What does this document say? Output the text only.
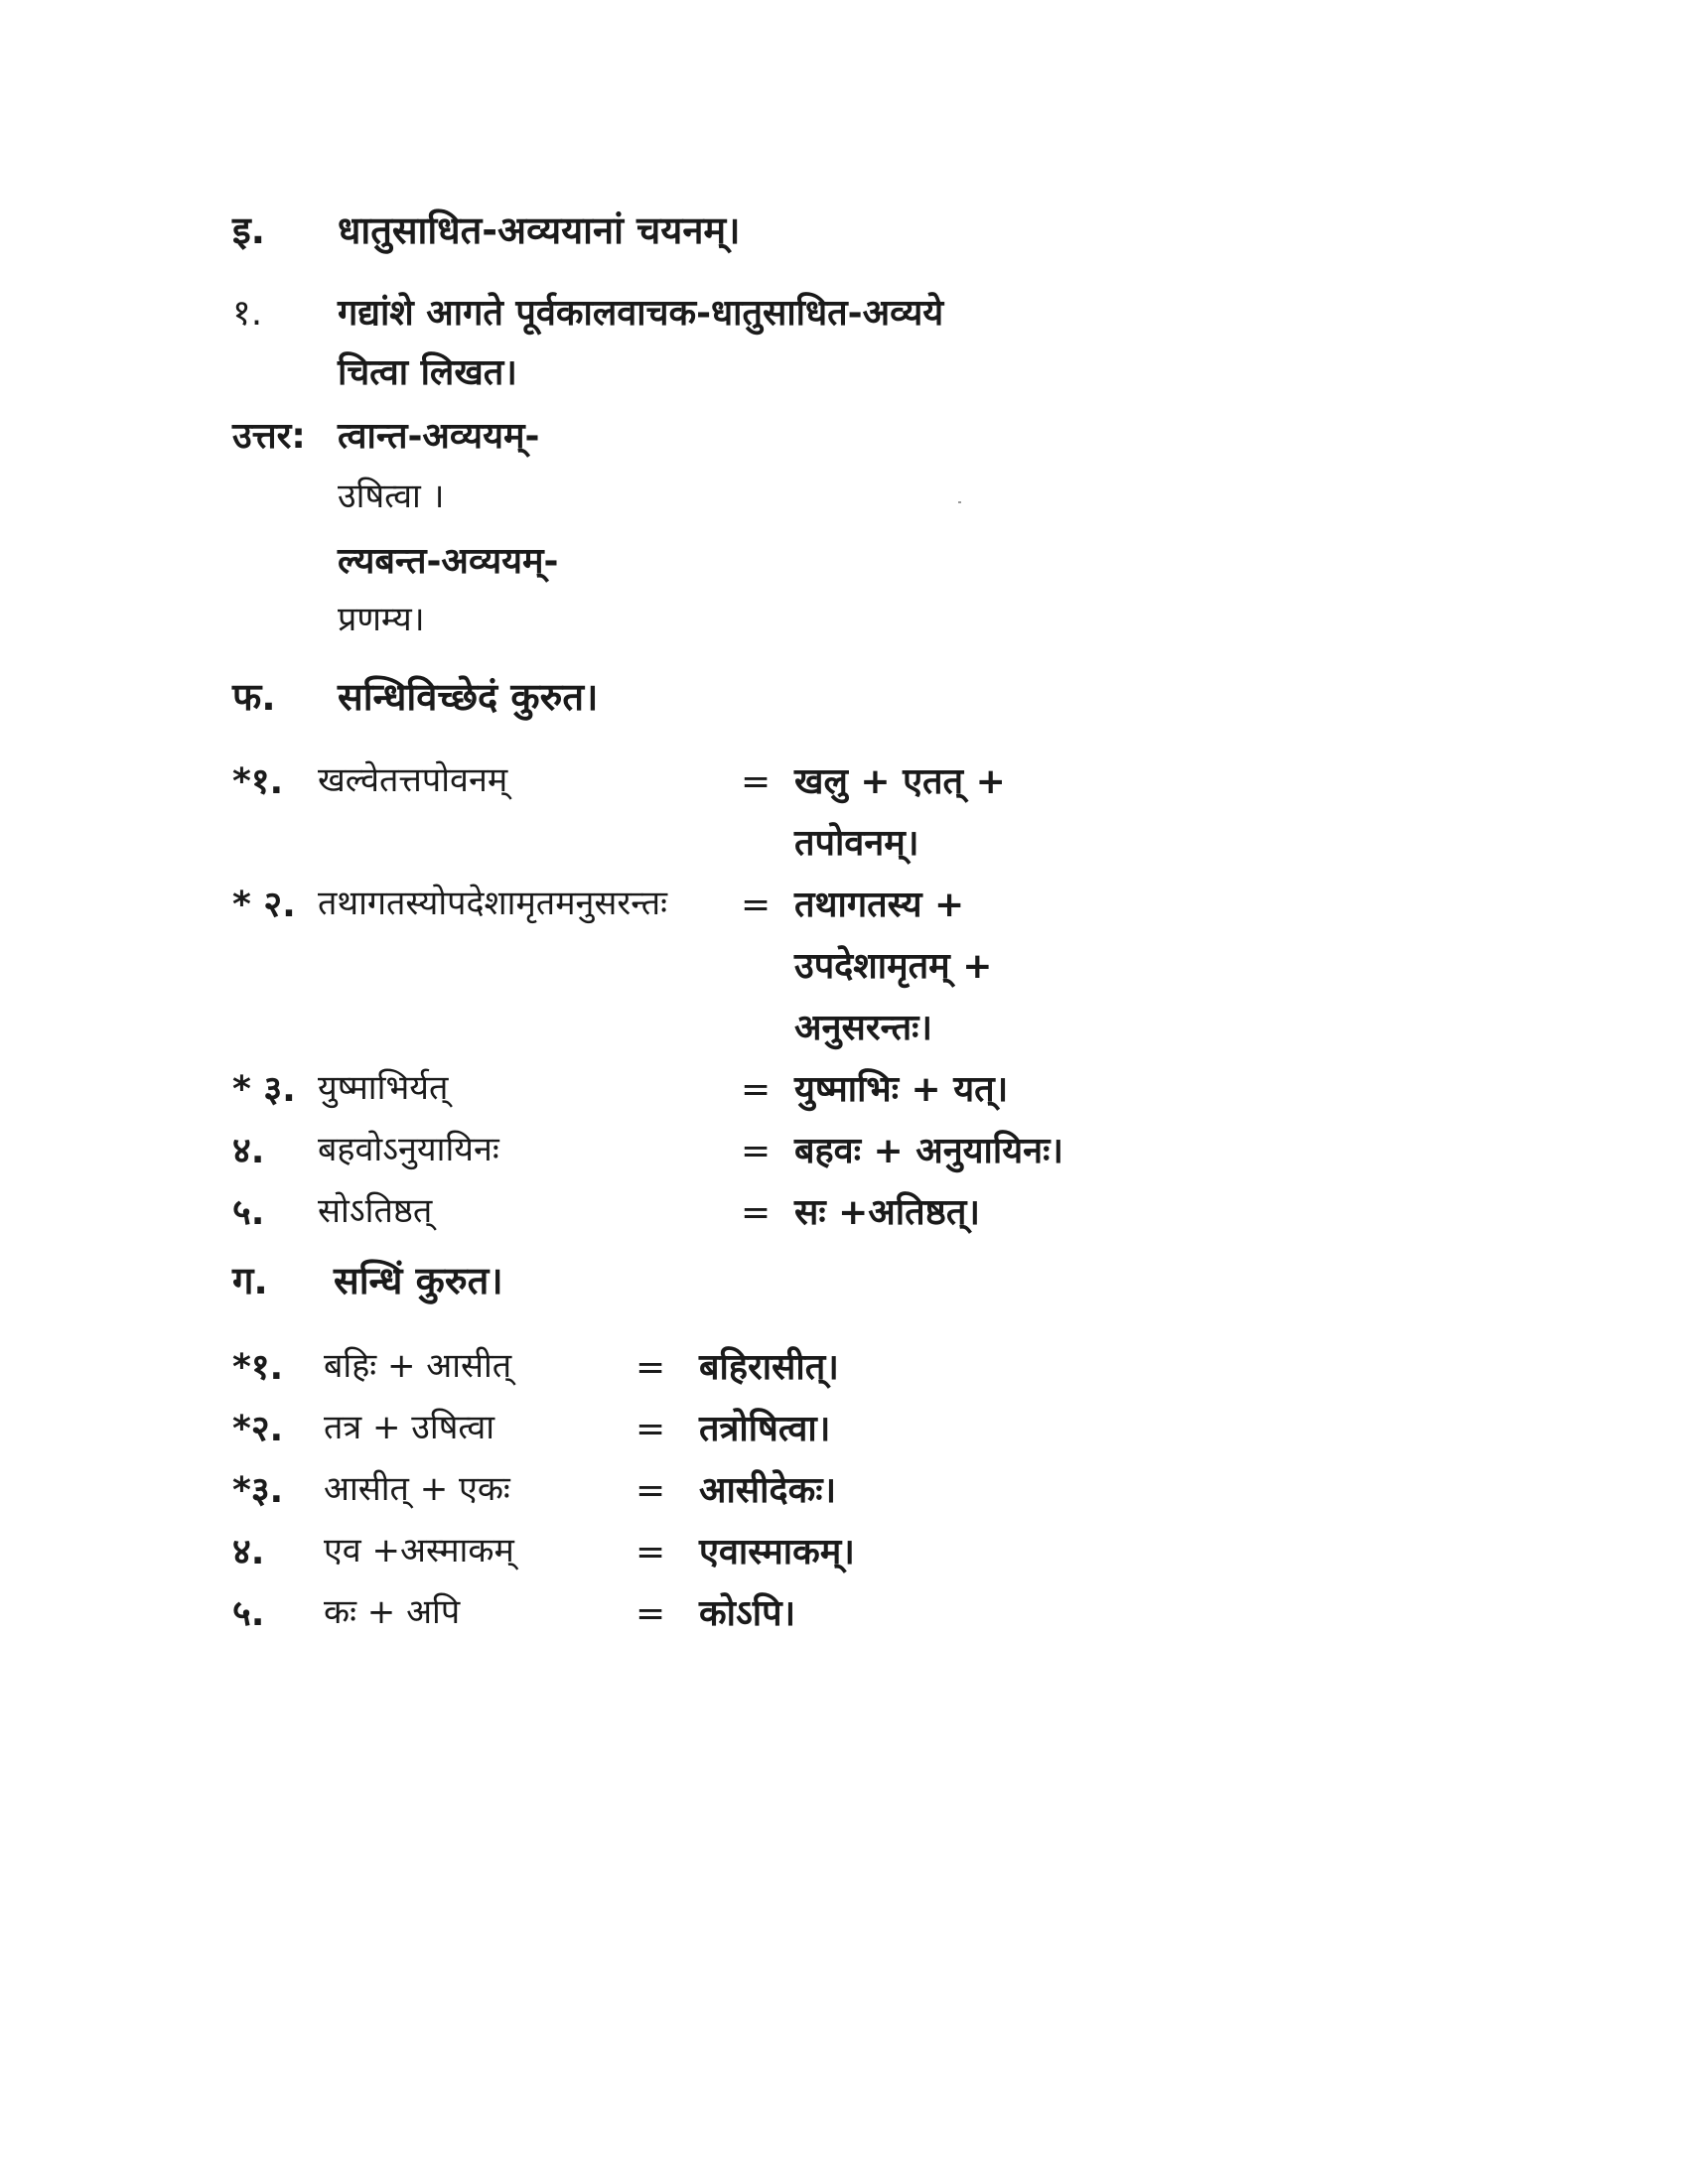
इ. धातुसाधित-अव्ययानां चयनम्।
१. गद्यांशे आगते पूर्वकालवाचक-धातुसाधित-अव्यये
चित्वा लिखत।
उत्तर: त्वान्त-अव्ययम्-
उषित्वा ।
ल्यबन्त-अव्ययम्-
प्रणम्य।
फ. सन्धिविच्छेदं कुरुत।
*१. खल्वेतत्तपोवनम्	= खलु + एतत् +
तपोवनम्।
* २. तथागतस्योपदेशामृतमनुसरन्तः = तथागतस्य +
उपदेशामृतम् +
अनुसरन्तः।
* ३. युष्माभिर्यत्	= युष्माभिः + यत्।
४. बहवोऽनुयायिनः	= बहवः + अनुयायिनः।
५. सोऽतिष्ठत्	= सः +अतिष्ठत्।
ग. सन्धिं कुरुत।
*१. बहिः + आसीत्	= बहिरासीत्।
*२. तत्र + उषित्वा	= तत्रोषित्वा।
*३. आसीत् + एकः	= आसीदेकः।
४. एव +अस्माकम्	= एवास्माकम्।
५. कः + अपि	= कोऽपि।
